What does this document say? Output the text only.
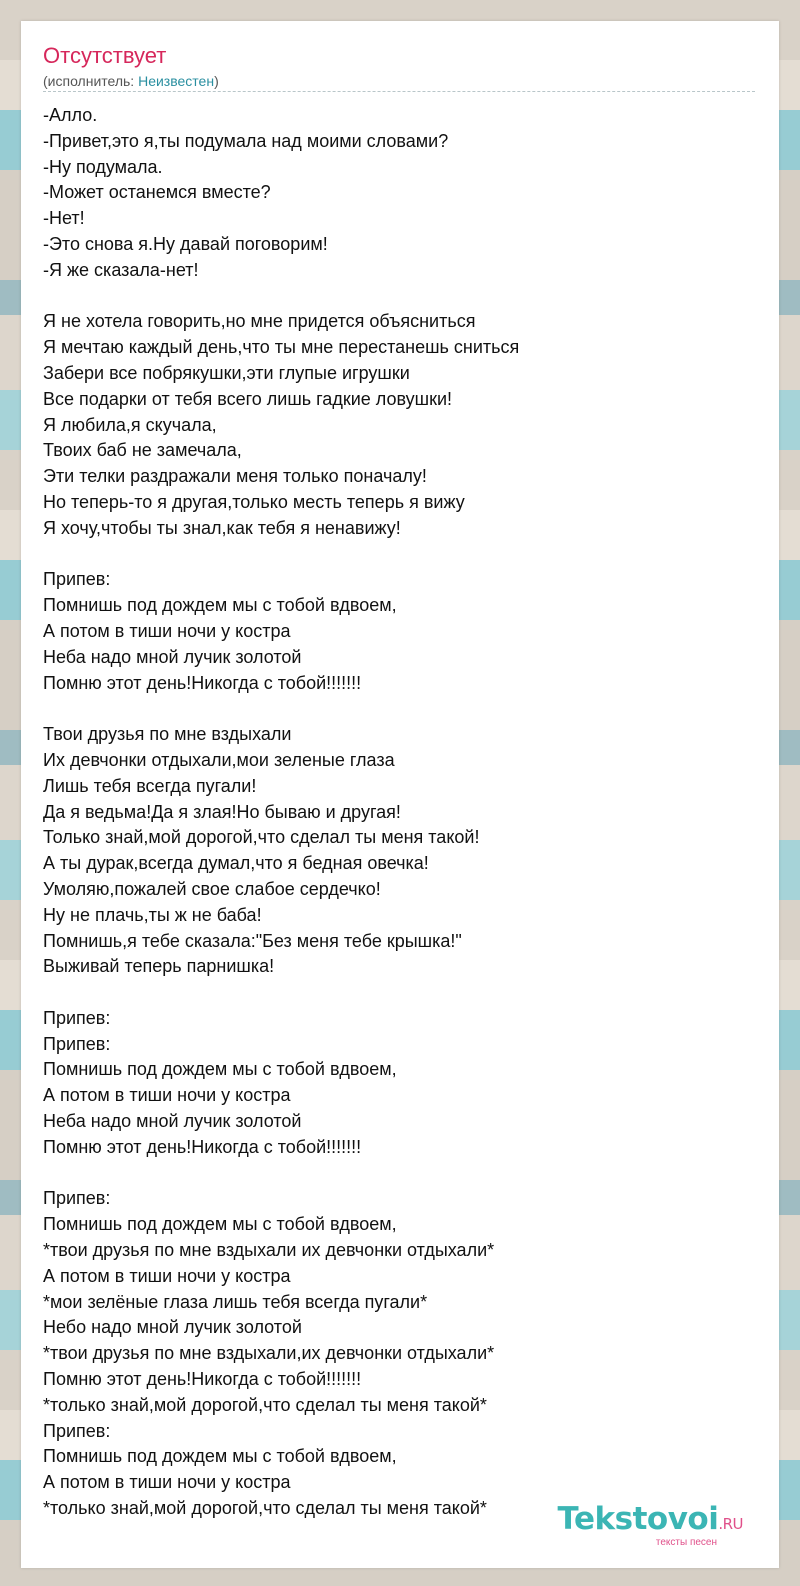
Отсутствует
(исполнитель: Неизвестен)
-Алло.
-Привет,это я,ты подумала над моими словами?
-Ну подумала.
-Может останемся вместе?
-Нет!
-Это снова я.Ну давай поговорим!
-Я же сказала-нет!

Я не хотела говорить,но мне придется объясниться
Я мечтаю каждый день,что ты мне перестанешь сниться
Забери все побрякушки,эти глупые игрушки
Все подарки от тебя всего лишь гадкие ловушки!
Я любила,я скучала,
Твоих баб не замечала,
Эти телки раздражали меня только поначалу!
Но теперь-то я другая,только месть теперь я вижу
Я хочу,чтобы ты знал,как тебя я ненавижу!

Припев:
Помнишь под дождем мы с тобой вдвоем,
А потом в тиши ночи у костра
Неба надо мной лучик золотой
Помню этот день!Никогда с тобой!!!!!!!

Твои друзья по мне вздыхали
Их девчонки отдыхали,мои зеленые глаза
Лишь тебя всегда пугали!
Да я ведьма!Да я злая!Но бываю и другая!
Только знай,мой дорогой,что сделал ты меня такой!
А ты дурак,всегда думал,что я бедная овечка!
Умоляю,пожалей свое слабое сердечко!
Ну не плачь,ты ж не баба!
Помнишь,я тебе сказала:"Без меня тебе крышка!"
Выживай теперь парнишка!

Припев:
Припев:
Помнишь под дождем мы с тобой вдвоем,
А потом в тиши ночи у костра
Неба надо мной лучик золотой
Помню этот день!Никогда с тобой!!!!!!!

Припев:
Помнишь под дождем мы с тобой вдвоем,
*твои друзья по мне вздыхали их девчонки отдыхали*
А потом в тиши ночи у костра
*мои зелёные глаза лишь тебя всегда пугали*
Небо надо мной лучик золотой
*твои друзья по мне вздыхали,их девчонки отдыхали*
Помню этот день!Никогда с тобой!!!!!!!
*только знай,мой дорогой,что сделал ты меня такой*
Припев:
Помнишь под дождем мы с тобой вдвоем,
А потом в тиши ночи у костра
*только знай,мой дорогой,что сделал ты меня такой*	Tekstovoi.RU
тексты песен
